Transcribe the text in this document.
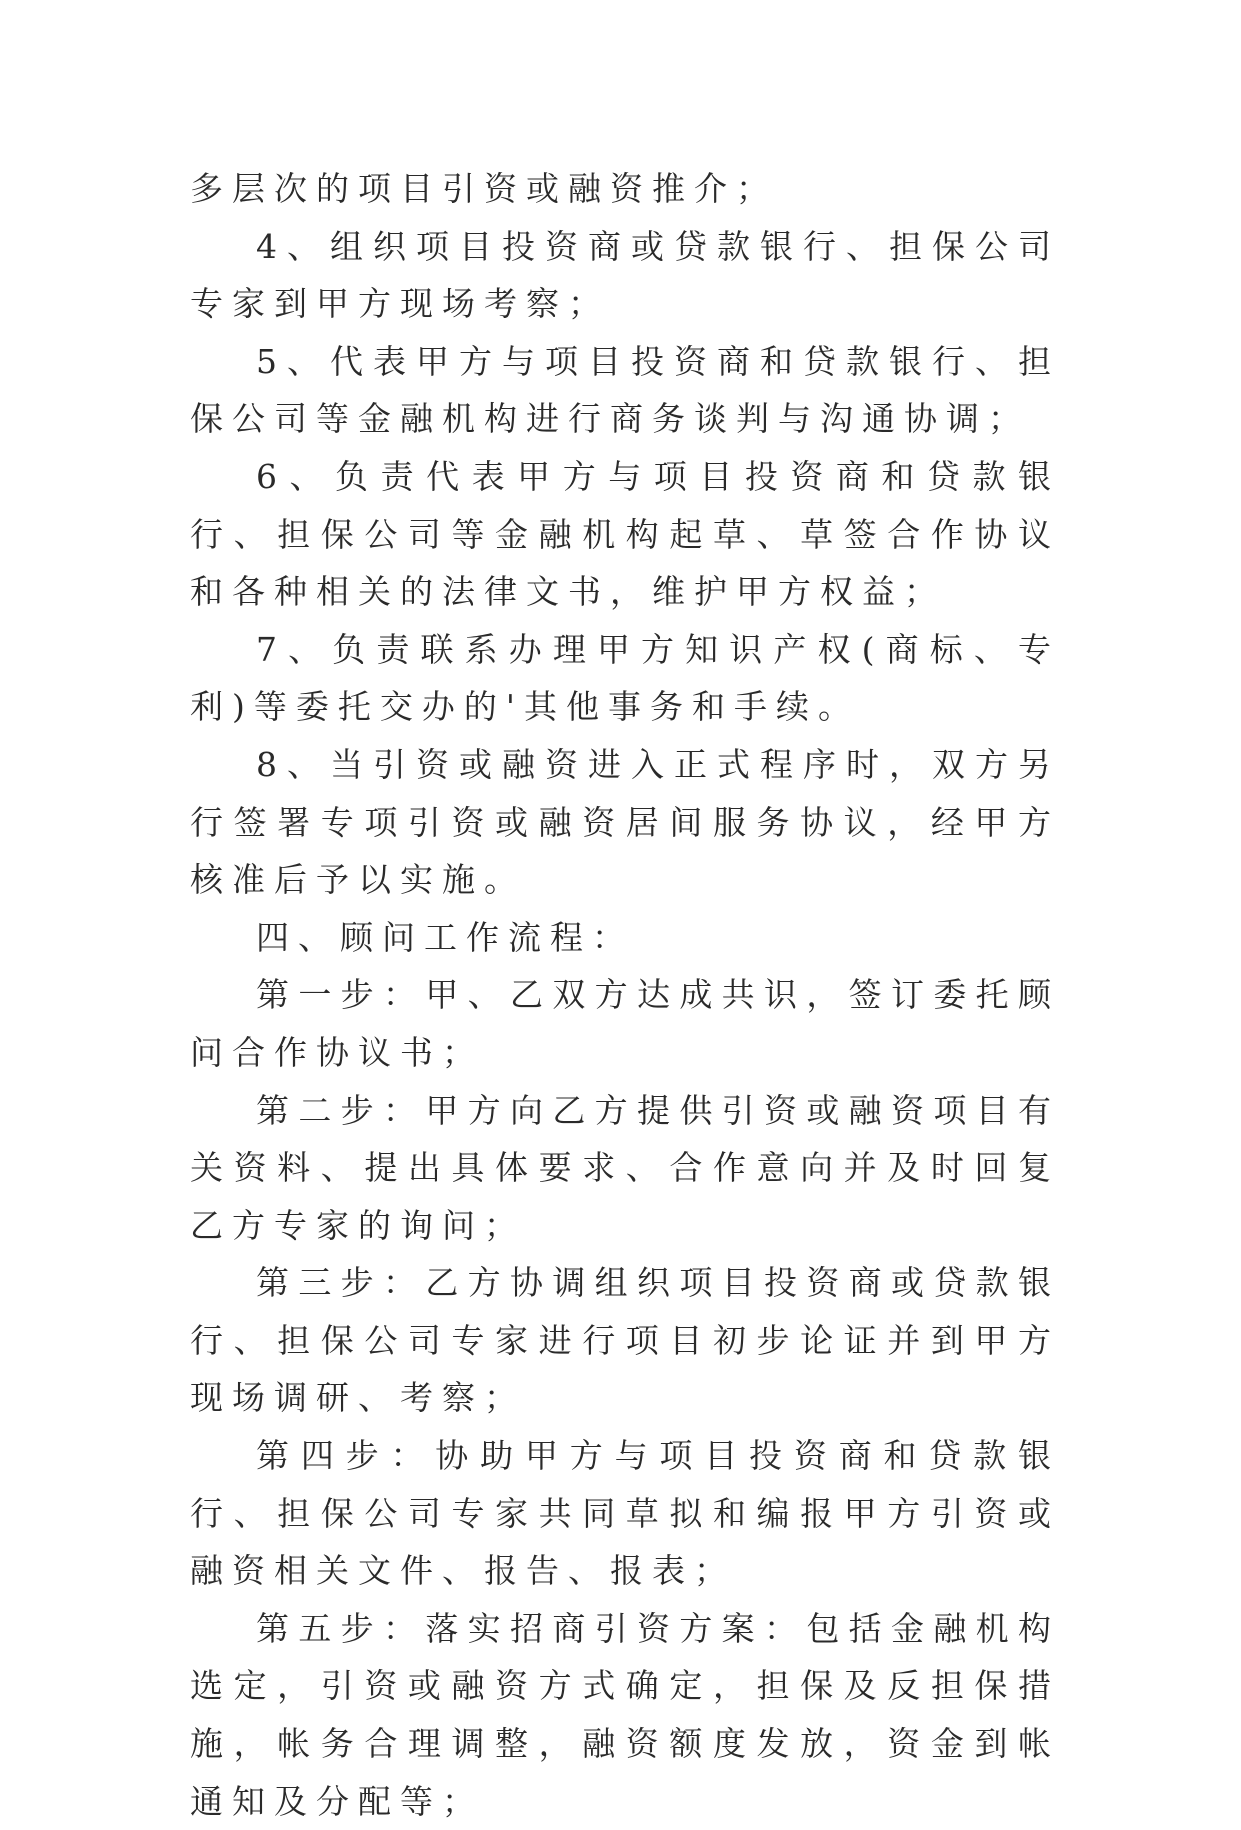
多层次的项目引资或融资推介；

4、组织项目投资商或贷款银行、担保公司专家到甲方现场考察；

5、代表甲方与项目投资商和贷款银行、担保公司等金融机构进行商务谈判与沟通协调；

6、负责代表甲方与项目投资商和贷款银行、担保公司等金融机构起草、草签合作协议和各种相关的法律文书，维护甲方权益；

7、负责联系办理甲方知识产权(商标、专利)等委托交办的'其他事务和手续。

8、当引资或融资进入正式程序时，双方另行签署专项引资或融资居间服务协议，经甲方核准后予以实施。

四、顾问工作流程：

第一步：甲、乙双方达成共识，签订委托顾问合作协议书；

第二步：甲方向乙方提供引资或融资项目有关资料、提出具体要求、合作意向并及时回复乙方专家的询问；

第三步：乙方协调组织项目投资商或贷款银行、担保公司专家进行项目初步论证并到甲方现场调研、考察；

第四步：协助甲方与项目投资商和贷款银行、担保公司专家共同草拟和编报甲方引资或融资相关文件、报告、报表；

第五步：落实招商引资方案：包括金融机构选定，引资或融资方式确定，担保及反担保措施，帐务合理调整，融资额度发放，资金到帐通知及分配等；
